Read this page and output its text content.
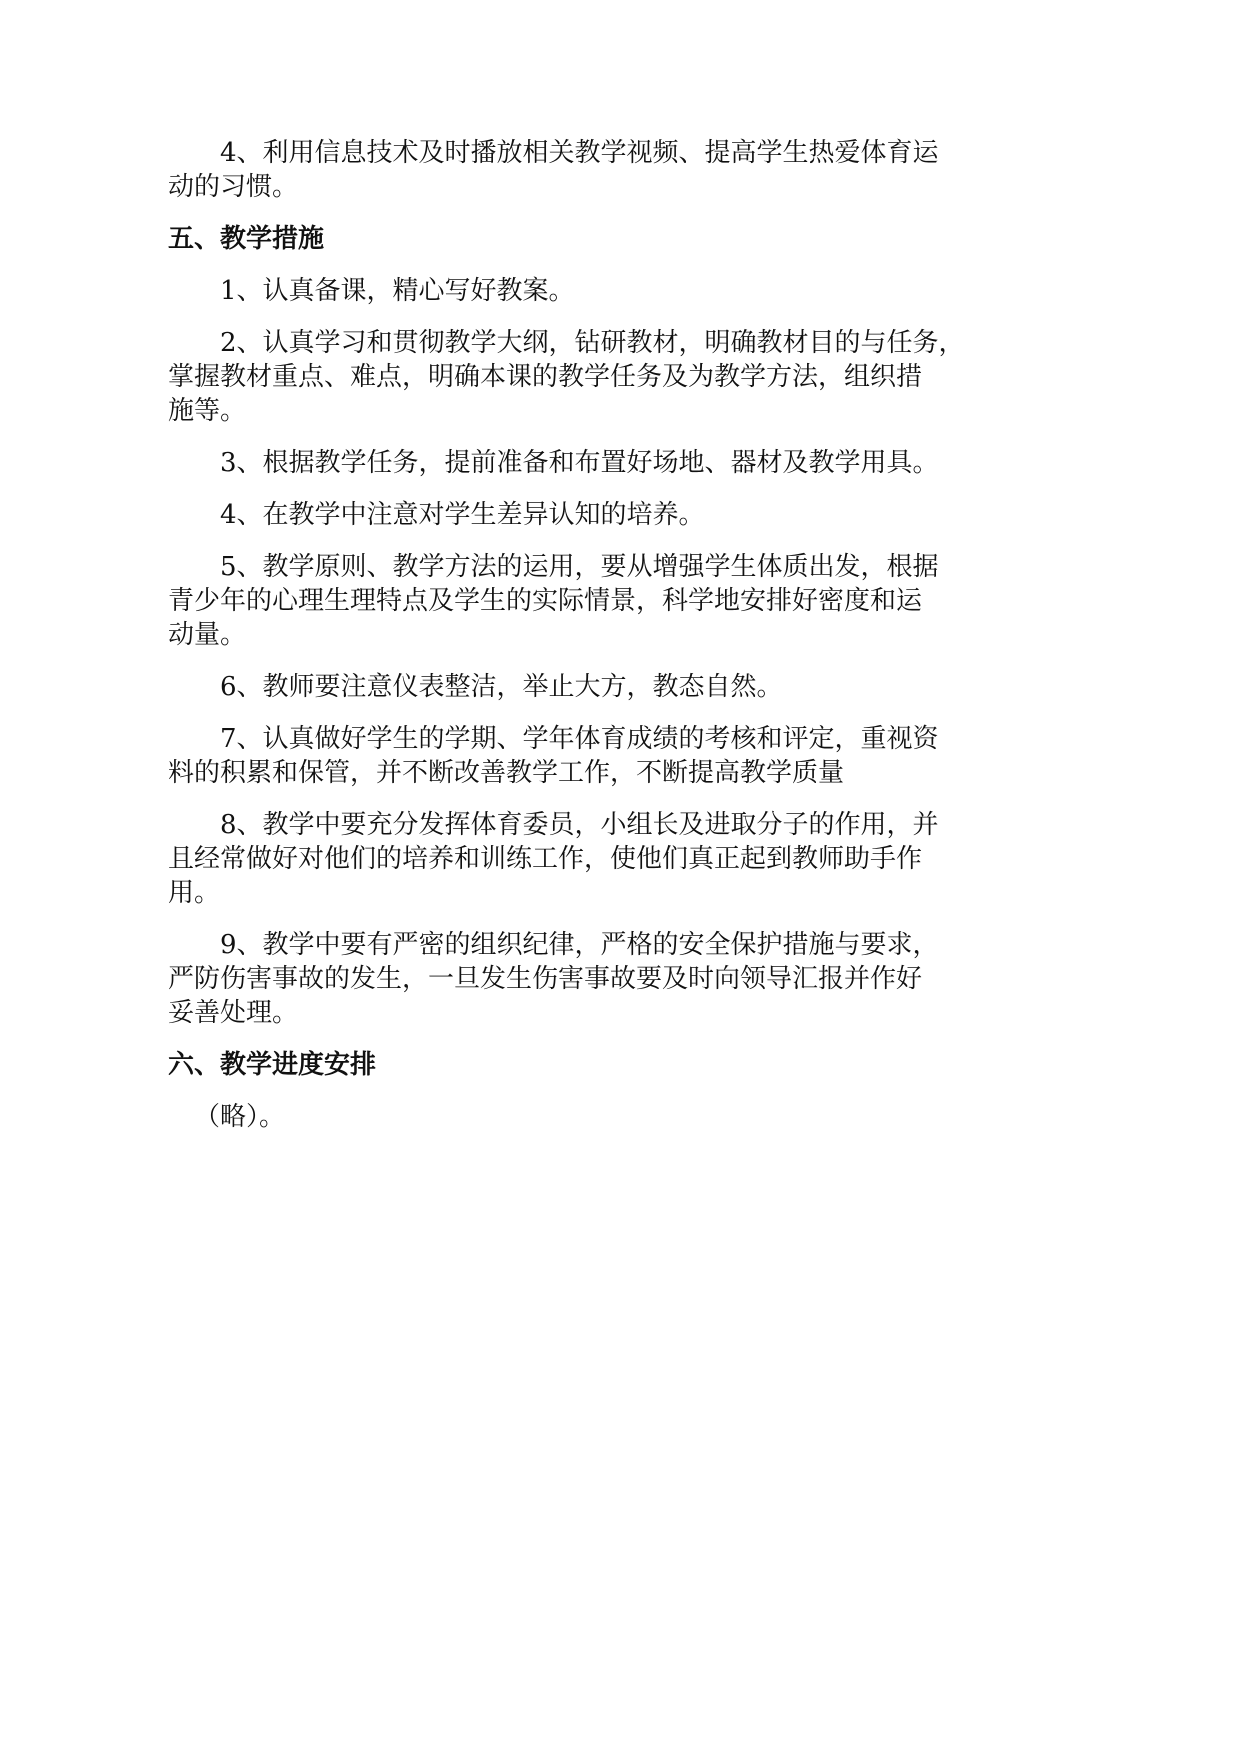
4、利用信息技术及时播放相关教学视频、提高学生热爱体育运
动的习惯。
五、教学措施
1、认真备课，精心写好教案。
2、认真学习和贯彻教学大纲，钻研教材，明确教材目的与任务，
掌握教材重点、难点，明确本课的教学任务及为教学方法，组织措
施等。
3、根据教学任务，提前准备和布置好场地、器材及教学用具。
4、在教学中注意对学生差异认知的培养。
5、教学原则、教学方法的运用，要从增强学生体质出发，根据
青少年的心理生理特点及学生的实际情景，科学地安排好密度和运
动量。
6、教师要注意仪表整洁，举止大方，教态自然。
7、认真做好学生的学期、学年体育成绩的考核和评定，重视资
料的积累和保管，并不断改善教学工作，不断提高教学质量
8、教学中要充分发挥体育委员，小组长及进取分子的作用，并
且经常做好对他们的培养和训练工作，使他们真正起到教师助手作
用。
9、教学中要有严密的组织纪律，严格的安全保护措施与要求，
严防伤害事故的发生，一旦发生伤害事故要及时向领导汇报并作好
妥善处理。
六、教学进度安排
（略）。
